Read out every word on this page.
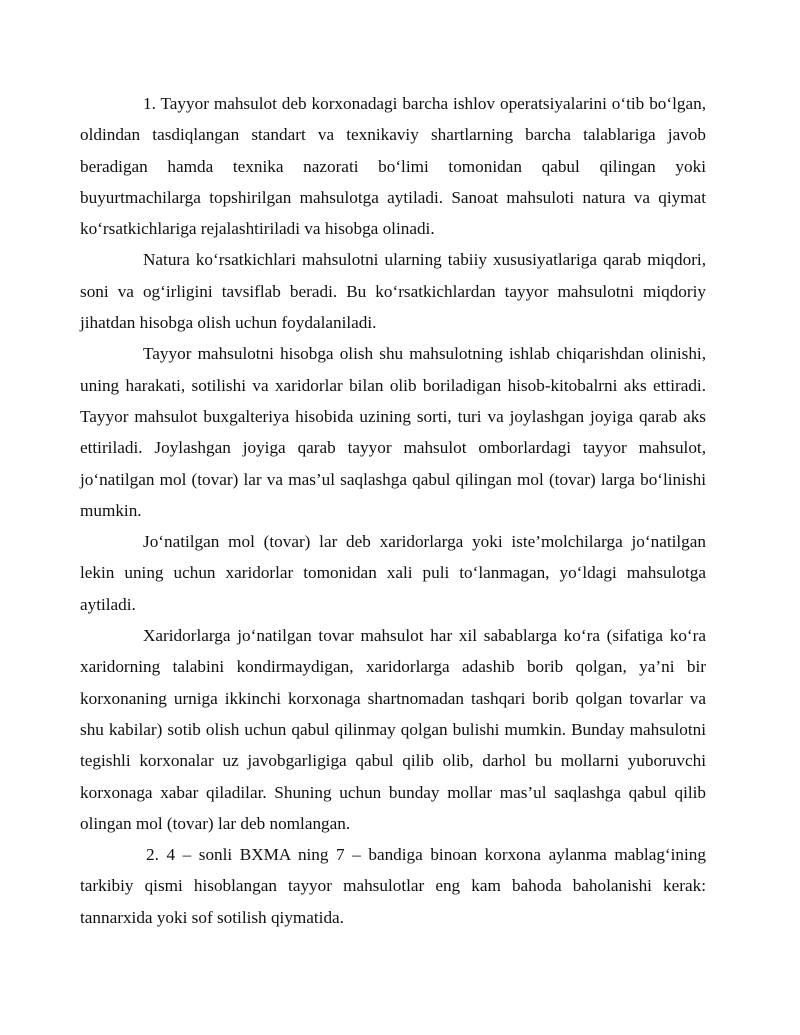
1. Tayyor mahsulot deb korxonadagi barcha ishlov operatsiyalarini o‘tib bo‘lgan, oldindan tasdiqlangan standart va texnikaviy shartlarning barcha talablariga javob beradigan hamda texnika nazorati bo‘limi tomonidan qabul qilingan yoki buyurtmachilarga topshirilgan mahsulotga aytiladi. Sanoat mahsuloti natura va qiymat ko‘rsatkichlariga rejalashtiriladi va hisobga olinadi.

Natura ko‘rsatkichlari mahsulotni ularning tabiiy xususiyatlariga qarab miqdori, soni va og‘irligini tavsiflab beradi. Bu ko‘rsatkichlardan tayyor mahsulotni miqdoriy jihatdan hisobga olish uchun foydalaniladi.

Tayyor mahsulotni hisobga olish shu mahsulotning ishlab chiqarishdan olinishi, uning harakati, sotilishi va xaridorlar bilan olib boriladigan hisob-kitobalrni aks ettiradi. Tayyor mahsulot buxgalteriya hisobida uzining sorti, turi va joylashgan joyiga qarab aks ettiriladi. Joylashgan joyiga qarab tayyor mahsulot omborlardagi tayyor mahsulot, jo‘natilgan mol (tovar) lar va mas’ul saqlashga qabul qilingan mol (tovar) larga bo‘linishi mumkin.

Jo‘natilgan mol (tovar) lar deb xaridorlarga yoki iste’molchilarga jo‘natilgan lekin uning uchun xaridorlar tomonidan xali puli to‘lanmagan, yo‘ldagi mahsulotga aytiladi.

Xaridorlarga jo‘natilgan tovar mahsulot har xil sabablarga ko‘ra (sifatiga ko‘ra xaridorning talabini kondirmaydigan, xaridorlarga adashib borib qolgan, ya’ni bir korxonaning urniga ikkinchi korxonaga shartnomadan tashqari borib qolgan tovarlar va shu kabilar) sotib olish uchun qabul qilinmay qolgan bulishi mumkin. Bunday mahsulotni tegishli korxonalar uz javobgarligiga qabul qilib olib, darhol bu mollarni yuboruvchi korxonaga xabar qiladilar. Shuning uchun bunday mollar mas’ul saqlashga qabul qilib olingan mol (tovar) lar deb nomlangan.

2. 4 – sonli BXMA ning 7 – bandiga binoan korxona aylanma mablag‘ining tarkibiy qismi hisoblangan tayyor mahsulotlar eng kam bahoda baholanishi kerak: tannarxida yoki sof sotilish qiymatida.
